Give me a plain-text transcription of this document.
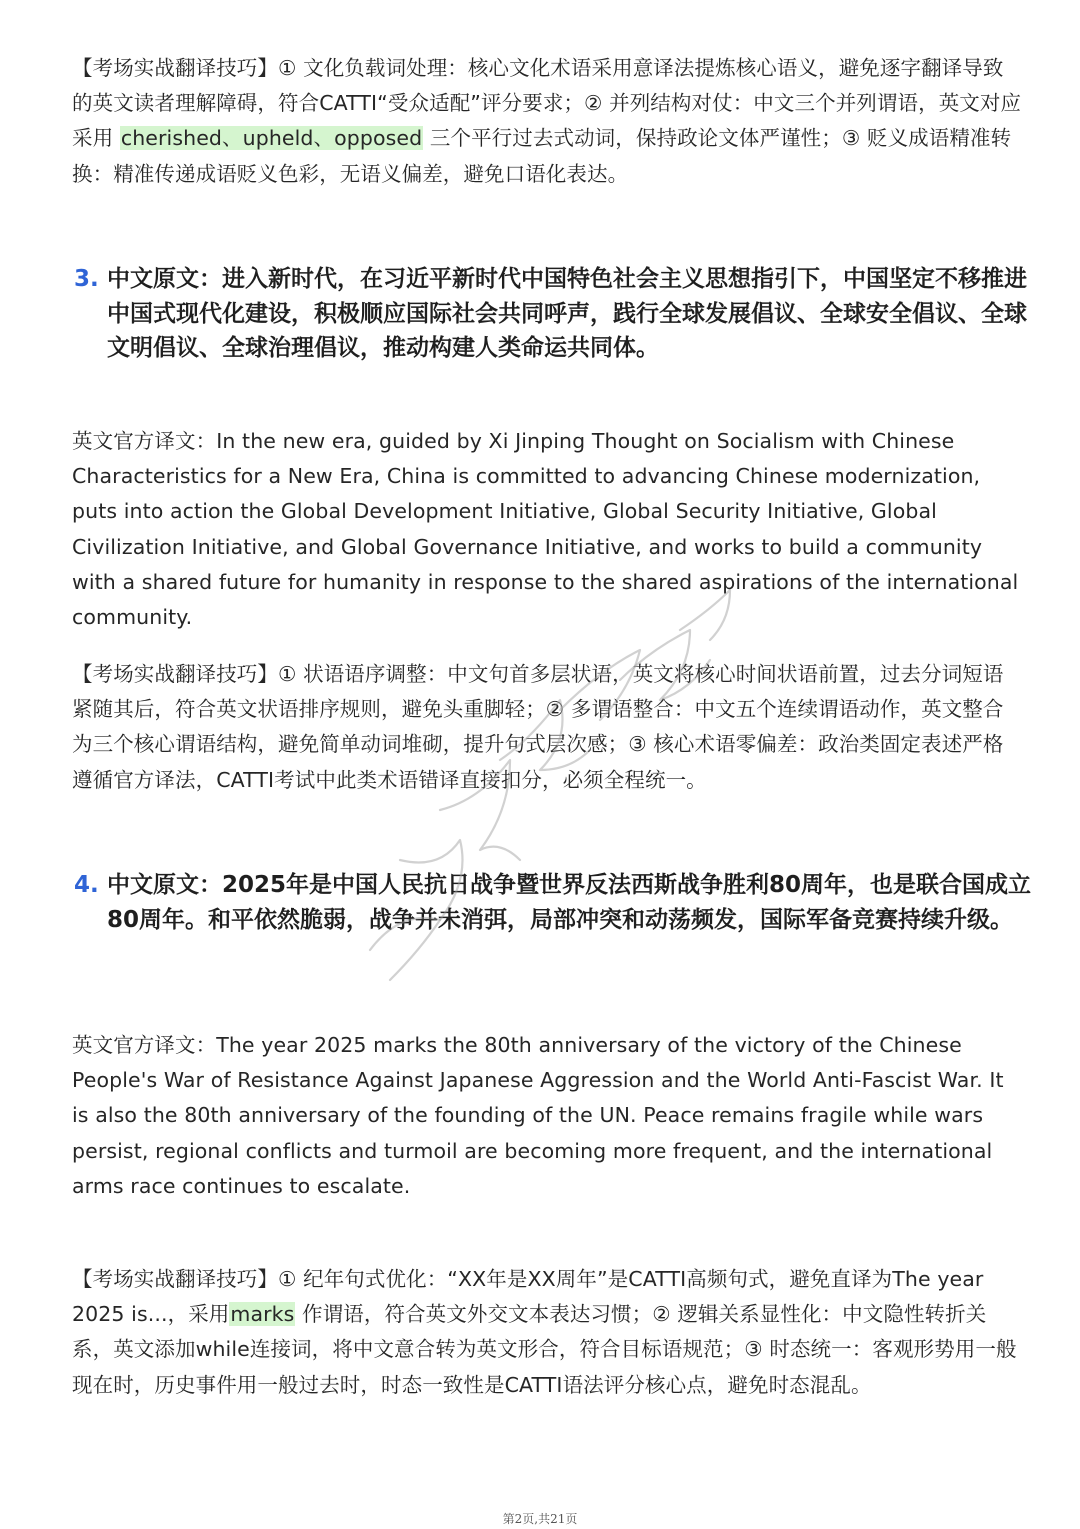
【考场实战翻译技巧】① 文化负载词处理：核心文化术语采用意译法提炼核心语义，避免逐字翻译导致的英文读者理解障碍，符合CATTI“受众适配”评分要求；② 并列结构对仗：中文三个并列谓语，英文对应采用 cherished、upheld、opposed 三个平行过去式动词，保持政论文体严谨性；③ 贬义成语精准转换：精准传递成语贬义色彩，无语义偏差，避免口语化表达。
3. 中文原文：进入新时代，在习近平新时代中国特色社会主义思想指引下，中国坚定不移推进中国式现代化建设，积极顺应国际社会共同呼声，践行全球发展倡议、全球安全倡议、全球文明倡议、全球治理倡议，推动构建人类命运共同体。
英文官方译文：In the new era, guided by Xi Jinping Thought on Socialism with Chinese Characteristics for a New Era, China is committed to advancing Chinese modernization, puts into action the Global Development Initiative, Global Security Initiative, Global Civilization Initiative, and Global Governance Initiative, and works to build a community with a shared future for humanity in response to the shared aspirations of the international community.
【考场实战翻译技巧】① 状语语序调整：中文句首多层状语，英文将核心时间状语前置，过去分词短语紧随其后，符合英文状语排序规则，避免头重脚轻；② 多谓语整合：中文五个连续谓语动作，英文整合为三个核心谓语结构，避免简单动词堆砌，提升句式层次感；③ 核心术语零偏差：政治类固定表述严格遵循官方译法，CATTI考试中此类术语错译直接扣分，必须全程统一。
4. 中文原文：2025年是中国人民抗日战争暨世界反法西斯战争胜利80周年，也是联合国成立80周年。和平依然脆弱，战争并未消弭，局部冲突和动荡频发，国际军备竞赛持续升级。
英文官方译文：The year 2025 marks the 80th anniversary of the victory of the Chinese People's War of Resistance Against Japanese Aggression and the World Anti-Fascist War. It is also the 80th anniversary of the founding of the UN. Peace remains fragile while wars persist, regional conflicts and turmoil are becoming more frequent, and the international arms race continues to escalate.
【考场实战翻译技巧】① 纪年句式优化：“XX年是XX周年”是CATTI高频句式，避免直译为The year 2025 is...，采用marks 作谓语，符合英文外交文本表达习惯；② 逻辑关系显性化：中文隐性转折关系，英文添加while连接词，将中文意合转为英文形合，符合目标语规范；③ 时态统一：客观形势用一般现在时，历史事件用一般过去时，时态一致性是CATTI语法评分核心点，避免时态混乱。
第2页,共21页
